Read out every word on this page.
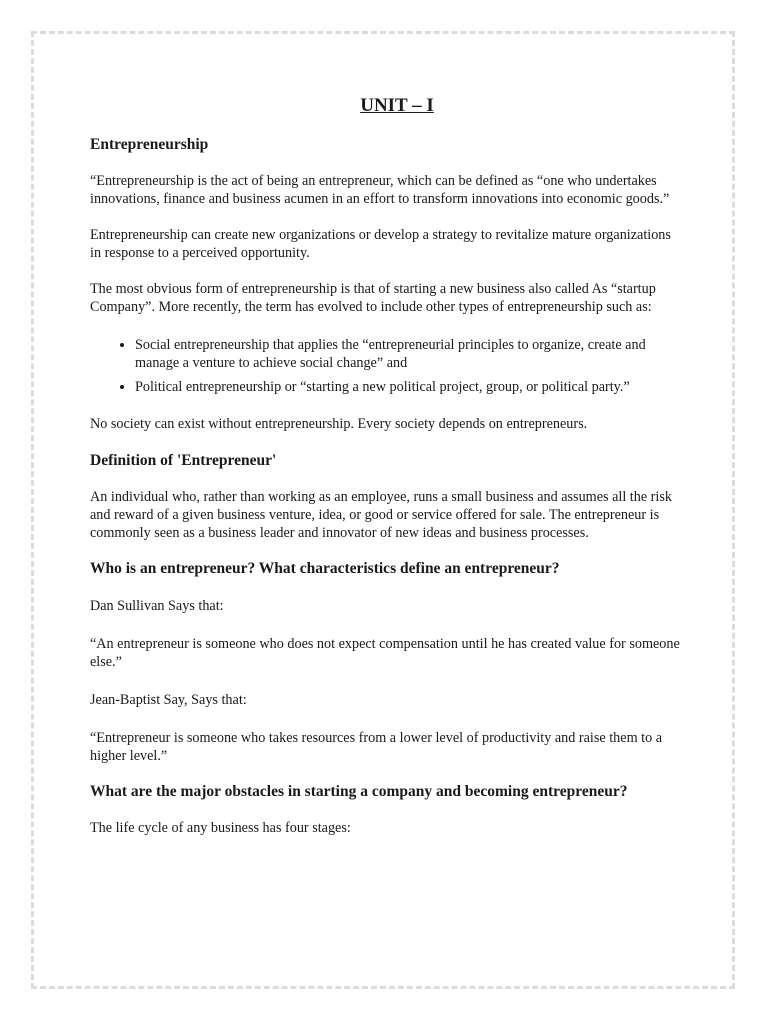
UNIT – I
Entrepreneurship

“Entrepreneurship is the act of being an entrepreneur, which can be defined as “one who undertakes innovations, finance and business acumen in an effort to transform innovations into economic goods.”

Entrepreneurship can create new organizations or develop a strategy to revitalize mature organizations in response to a perceived opportunity.

The most obvious form of entrepreneurship is that of starting a new business also called As “startup Company”. More recently, the term has evolved to include other types of entrepreneurship such as:

• Social entrepreneurship that applies the “entrepreneurial principles to organize, create and manage a venture to achieve social change” and
• Political entrepreneurship or “starting a new political project, group, or political party.”

No society can exist without entrepreneurship. Every society depends on entrepreneurs.

Definition of 'Entrepreneur'

An individual who, rather than working as an employee, runs a small business and assumes all the risk and reward of a given business venture, idea, or good or service offered for sale. The entrepreneur is commonly seen as a business leader and innovator of new ideas and business processes.

Who is an entrepreneur? What characteristics define an entrepreneur?

Dan Sullivan Says that:

“An entrepreneur is someone who does not expect compensation until he has created value for someone else.”

Jean-Baptist Say, Says that:

“Entrepreneur is someone who takes resources from a lower level of productivity and raise them to a higher level.”

What are the major obstacles in starting a company and becoming entrepreneur?

The life cycle of any business has four stages:
